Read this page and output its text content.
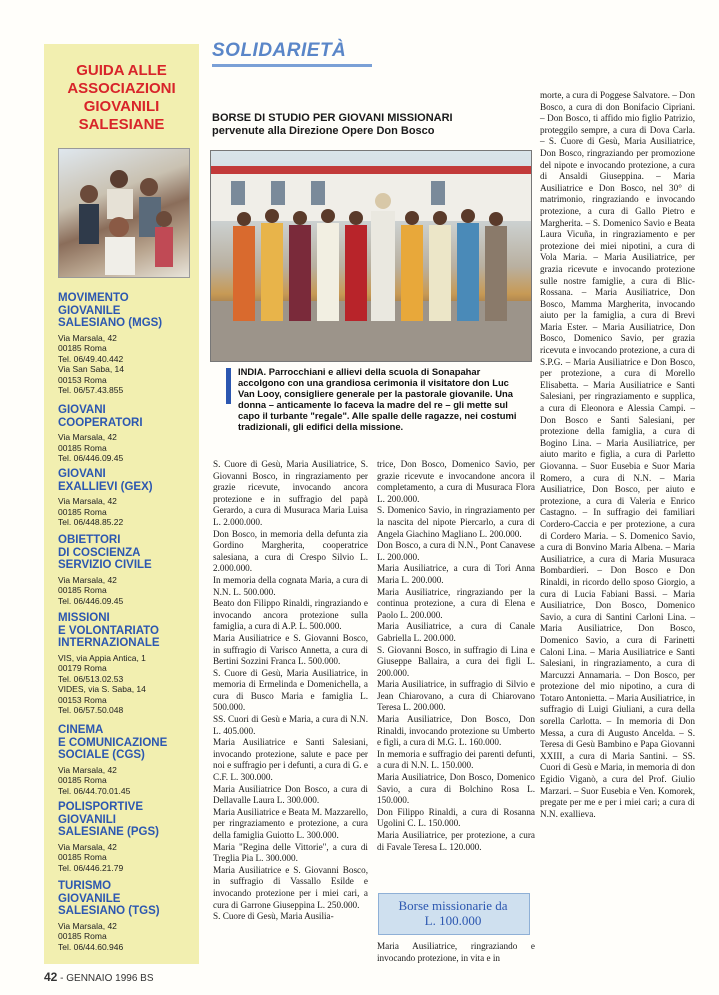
GUIDA ALLE
ASSOCIAZIONI
GIOVANILI
SALESIANE
MOVIMENTO
GIOVANILE
SALESIANO (MGS)
Via Marsala, 42
00185 Roma
Tel. 06/49.40.442
Via San Saba, 14
00153 Roma
Tel. 06/57.43.855
GIOVANI
COOPERATORI
Via Marsala, 42
00185 Roma
Tel. 06/446.09.45
GIOVANI
EXALLIEVI (GEX)
Via Marsala, 42
00185 Roma
Tel. 06/448.85.22
OBIETTORI
DI COSCIENZA
SERVIZIO CIVILE
Via Marsala, 42
00185 Roma
Tel. 06/446.09.45
MISSIONI
E VOLONTARIATO
INTERNAZIONALE
VIS, via Appia Antica, 1
00179 Roma
Tel. 06/513.02.53
VIDES, via S. Saba, 14
00153 Roma
Tel. 06/57.50.048
CINEMA
E COMUNICAZIONE
SOCIALE (CGS)
Via Marsala, 42
00185 Roma
Tel. 06/44.70.01.45
POLISPORTIVE
GIOVANILI
SALESIANE (PGS)
Via Marsala, 42
00185 Roma
Tel. 06/446.21.79
TURISMO
GIOVANILE
SALESIANO (TGS)
Via Marsala, 42
00185 Roma
Tel. 06/44.60.946
SOLIDARIETÀ
BORSE DI STUDIO PER GIOVANI MISSIONARI
pervenute alla Direzione Opere Don Bosco
INDIA. Parrocchiani e allievi della scuola di Sonapahar accolgono con una grandiosa cerimonia il visitatore don Luc Van Looy, consigliere generale per la pastorale giovanile. Una donna – anticamente lo faceva la madre del re – gli mette sul capo il turbante "regale". Alle spalle delle ragazze, nei costumi tradizionali, gli edifici della missione.

S. Cuore di Gesù, Maria Ausiliatrice, S. Giovanni Bosco, in ringraziamento per grazie ricevute, invocando ancora protezione e in suffragio del papà Gerardo, a cura di Musuraca Maria Luisa L. 2.000.000.

Don Bosco, in memoria della defunta zia Gordino Margherita, cooperatrice salesiana, a cura di Crespo Silvio L. 2.000.000.

In memoria della cognata Maria, a cura di N.N. L. 500.000.

Beato don Filippo Rinaldi, ringraziando e invocando ancora protezione sulla famiglia, a cura di A.P. L. 500.000.

Maria Ausiliatrice e S. Giovanni Bosco, in suffragio di Varisco Annetta, a cura di Bertini Sozzini Franca L. 500.000.

S. Cuore di Gesù, Maria Ausiliatrice, in memoria di Ermelinda e Domenichella, a cura di Busco Maria e famiglia L. 500.000.

SS. Cuori di Gesù e Maria, a cura di N.N. L. 405.000.

Maria Ausiliatrice e Santi Salesiani, invocando protezione, salute e pace per noi e suffragio per i defunti, a cura di G. e C.F. L. 300.000.

Maria Ausiliatrice Don Bosco, a cura di Dellavalle Laura L. 300.000.

Maria Ausiliatrice e Beata M. Mazzarello, per ringraziamento e protezione, a cura della famiglia Guiotto L. 300.000.

Maria "Regina delle Vittorie", a cura di Treglia Pia L. 300.000.

Maria Ausiliatrice e S. Giovanni Bosco, in suffragio di Vassallo Esilde e invocando protezione per i miei cari, a cura di Garrone Giuseppina L. 250.000.

S. Cuore di Gesù, Maria Ausilia-

trice, Don Bosco, Domenico Savio, per grazie ricevute e invocandone ancora il completamento, a cura di Musuraca Flora L. 200.000.

S. Domenico Savio, in ringraziamento per la nascita del nipote Piercarlo, a cura di Angela Giachino Magliano L. 200.000.

Don Bosco, a cura di N.N., Pont Canavese L. 200.000.

Maria Ausiliatrice, a cura di Tori Anna Maria L. 200.000.

Maria Ausiliatrice, ringraziando per la continua protezione, a cura di Elena e Paolo L. 200.000.

Maria Ausiliatrice, a cura di Canale Gabriella L. 200.000.

S. Giovanni Bosco, in suffragio di Lina e Giuseppe Ballaira, a cura dei figli L. 200.000.

Maria Ausiliatrice, in suffragio di Silvio e Jean Chiarovano, a cura di Chiarovano Teresa L. 200.000.

Maria Ausiliatrice, Don Bosco, Don Rinaldi, invocando protezione su Umberto e figli, a cura di M.G. L. 160.000.

In memoria e suffragio dei parenti defunti, a cura di N.N. L. 150.000.

Maria Ausiliatrice, Don Bosco, Domenico Savio, a cura di Bolchino Rosa L. 150.000.

Don Filippo Rinaldi, a cura di Rosanna Ugolini C. L. 150.000.

Maria Ausiliatrice, per protezione, a cura di Favale Teresa L. 120.000.

Borse missionarie da
L. 100.000

Maria Ausiliatrice, ringraziando e invocando protezione, in vita e in

morte, a cura di Poggese Salvatore. – Don Bosco, a cura di don Bonifacio Cipriani. – Don Bosco, ti affido mio figlio Patrizio, proteggilo sempre, a cura di Dova Carla. – S. Cuore di Gesù, Maria Ausiliatrice, Don Bosco, ringraziando per promozione del nipote e invocando protezione, a cura di Ansaldi Giuseppina. – Maria Ausiliatrice e Don Bosco, nel 30° di matrimonio, ringraziando e invocando protezione, a cura di Gallo Pietro e Margherita. – S. Domenico Savio e Beata Laura Vicuña, in ringraziamento e per protezione dei miei nipotini, a cura di Vola Maria. – Maria Ausiliatrice, per grazia ricevute e invocando protezione sulle nostre famiglie, a cura di Blic-Rossana. – Maria Ausiliatrice, Don Bosco, Mamma Margherita, invocando aiuto per la famiglia, a cura di Brevi Maria Ester. – Maria Ausiliatrice, Don Bosco, Domenico Savio, per grazia ricevuta e invocando protezione, a cura di S.P.G. – Maria Ausiliatrice e Don Bosco, per protezione, a cura di Morello Elisabetta. – Maria Ausiliatrice e Santi Salesiani, per ringraziamento e supplica, a cura di Eleonora e Alessia Campi. – Don Bosco e Santi Salesiani, per protezione della famiglia, a cura di Bogino Lina. – Maria Ausiliatrice, per aiuto marito e figlia, a cura di Parletto Giovanna. – Suor Eusebia e Suor Maria Romero, a cura di N.N. – Maria Ausiliatrice, Don Bosco, per aiuto e protezione, a cura di Valeria e Enrico Castagno. – In suffragio dei familiari Cordero-Caccia e per protezione, a cura di Cordero Maria. – S. Domenico Savio, a cura di Bonvino Maria Albena. – Maria Ausiliatrice, a cura di Maria Musuraca Bombardieri. – Don Bosco e Don Rinaldi, in ricordo dello sposo Giorgio, a cura di Lucia Fabiani Bassi. – Maria Ausiliatrice, Don Bosco, Domenico Savio, a cura di Santini Carloni Lina. – Maria Ausiliatrice, Don Bosco, Domenico Savio, a cura di Farinetti Caloni Lina. – Maria Ausiliatrice e Santi Salesiani, in ringraziamento, a cura di Marcuzzi Annamaria. – Don Bosco, per protezione del mio nipotino, a cura di Totaro Antonietta. – Maria Ausiliatrice, in suffragio di Luigi Giuliani, a cura della sorella Carlotta. – In memoria di Don Messa, a cura di Augusto Ancelda. – S. Teresa di Gesù Bambino e Papa Giovanni XXIII, a cura di Maria Santini. – SS. Cuori di Gesù e Maria, in memoria di don Egidio Viganò, a cura del Prof. Giulio Marzari. – Suor Eusebia e Ven. Komorek, pregate per me e per i miei cari; a cura di N.N. exallieva.

42 - GENNAIO 1996 BS
